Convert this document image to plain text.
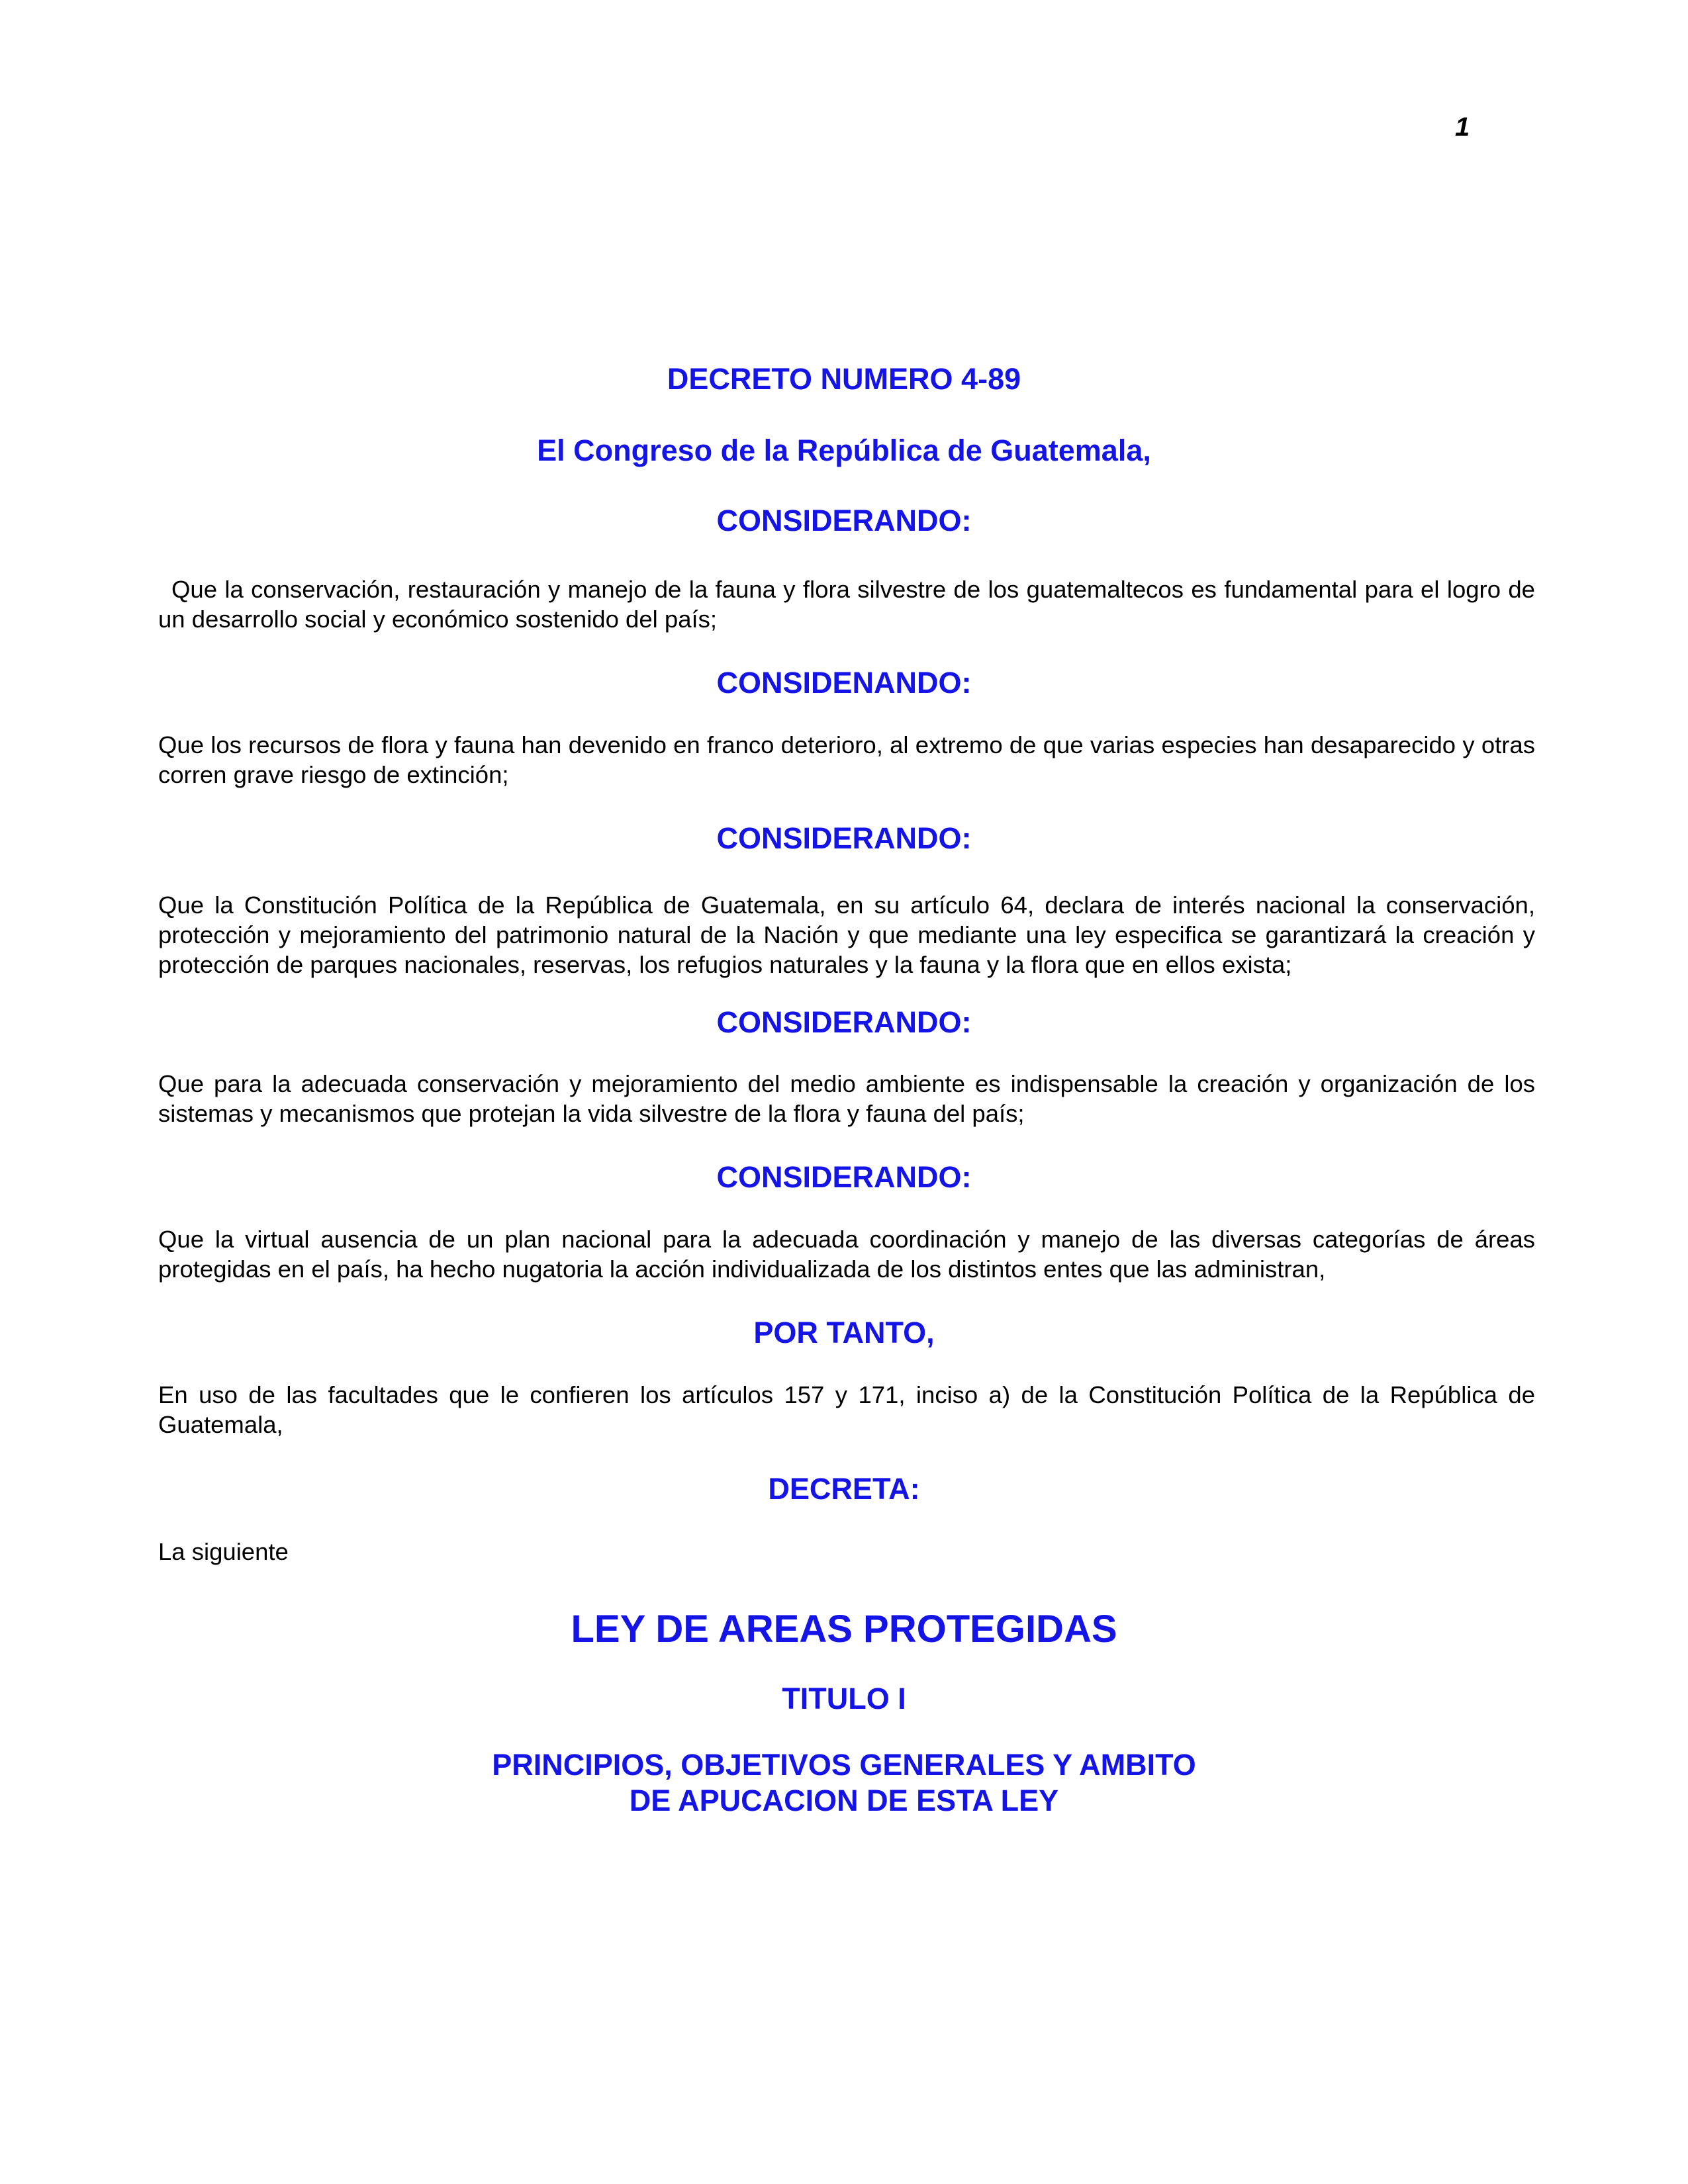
1
DECRETO NUMERO 4-89
El Congreso de la República de Guatemala,
CONSIDERANDO:

Que la conservación, restauración y manejo de la fauna y flora silvestre de los guatemaltecos es fundamental para el logro de un desarrollo social y económico sostenido del país;

CONSIDENANDO:

Que los recursos de flora y fauna han devenido en franco deterioro, al extremo de que varias especies han desaparecido y otras corren grave riesgo de extinción;

CONSIDERANDO:

Que la Constitución Política de la República de Guatemala, en su artículo 64, declara de interés nacional la conservación, protección y mejoramiento del patrimonio natural de la Nación y que mediante una ley especifica se garantizará la creación y protección de parques nacionales, reservas, los refugios naturales y la fauna y la flora que en ellos exista;

CONSIDERANDO:

Que para la adecuada conservación y mejoramiento del medio ambiente es indispensable la creación y organización de los sistemas y mecanismos que protejan la vida silvestre de la flora y fauna del país;

CONSIDERANDO:

Que la virtual ausencia de un plan nacional para la adecuada coordinación y manejo de las diversas categorías de áreas protegidas en el país, ha hecho nugatoria la acción individualizada de los distintos entes que las administran,

POR TANTO,

En uso de las facultades que le confieren los artículos 157 y 171, inciso a) de la Constitución Política de la República de Guatemala,

DECRETA:

La siguiente

LEY DE AREAS PROTEGIDAS
TITULO I
PRINCIPIOS, OBJETIVOS GENERALES Y AMBITO
DE APUCACION DE ESTA LEY
